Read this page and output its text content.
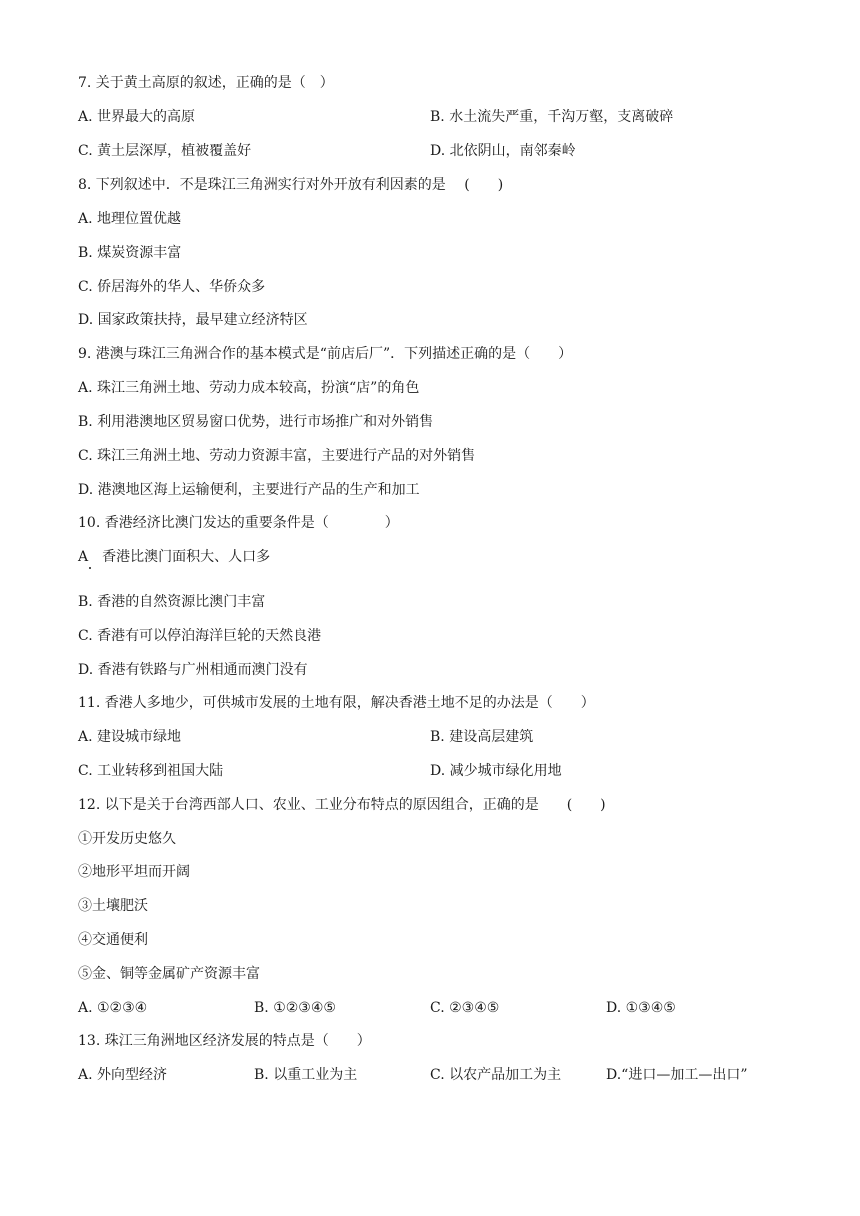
7. 关于黄土高原的叙述，正确的是（　）
A. 世界最大的高原	B. 水土流失严重，千沟万壑，支离破碎
C. 黄土层深厚，植被覆盖好	D. 北依阴山，南邻秦岭
8. 下列叙述中．不是珠江三角洲实行对外开放有利因素的是　 (　　)
A. 地理位置优越
B. 煤炭资源丰富
C. 侨居海外的华人、华侨众多
D. 国家政策扶持，最早建立经济特区
9. 港澳与珠江三角洲合作的基本模式是“前店后厂”．下列描述正确的是（　　）
A. 珠江三角洲土地、劳动力成本较高，扮演“店”的角色
B. 利用港澳地区贸易窗口优势，进行市场推广和对外销售
C. 珠江三角洲土地、劳动力资源丰富，主要进行产品的对外销售
D. 港澳地区海上运输便利，主要进行产品的生产和加工
10. 香港经济比澳门发达的重要条件是（　　　　）
A　香港比澳门面积大、人口多
B. 香港的自然资源比澳门丰富
C. 香港有可以停泊海洋巨轮的天然良港
D. 香港有铁路与广州相通而澳门没有
11. 香港人多地少，可供城市发展的土地有限，解决香港土地不足的办法是（　　）
A. 建设城市绿地	B. 建设高层建筑
C. 工业转移到祖国大陆	D. 减少城市绿化用地
12. 以下是关于台湾西部人口、农业、工业分布特点的原因组合，正确的是　　(　　)
①开发历史悠久
②地形平坦而开阔
③土壤肥沃
④交通便利
⑤金、铜等金属矿产资源丰富
A. ①②③④	B. ①②③④⑤	C. ②③④⑤	D. ①③④⑤
13. 珠江三角洲地区经济发展的特点是（　　）
A. 外向型经济	B. 以重工业为主	C. 以农产品加工为主	D.“进口—加工—出口”
